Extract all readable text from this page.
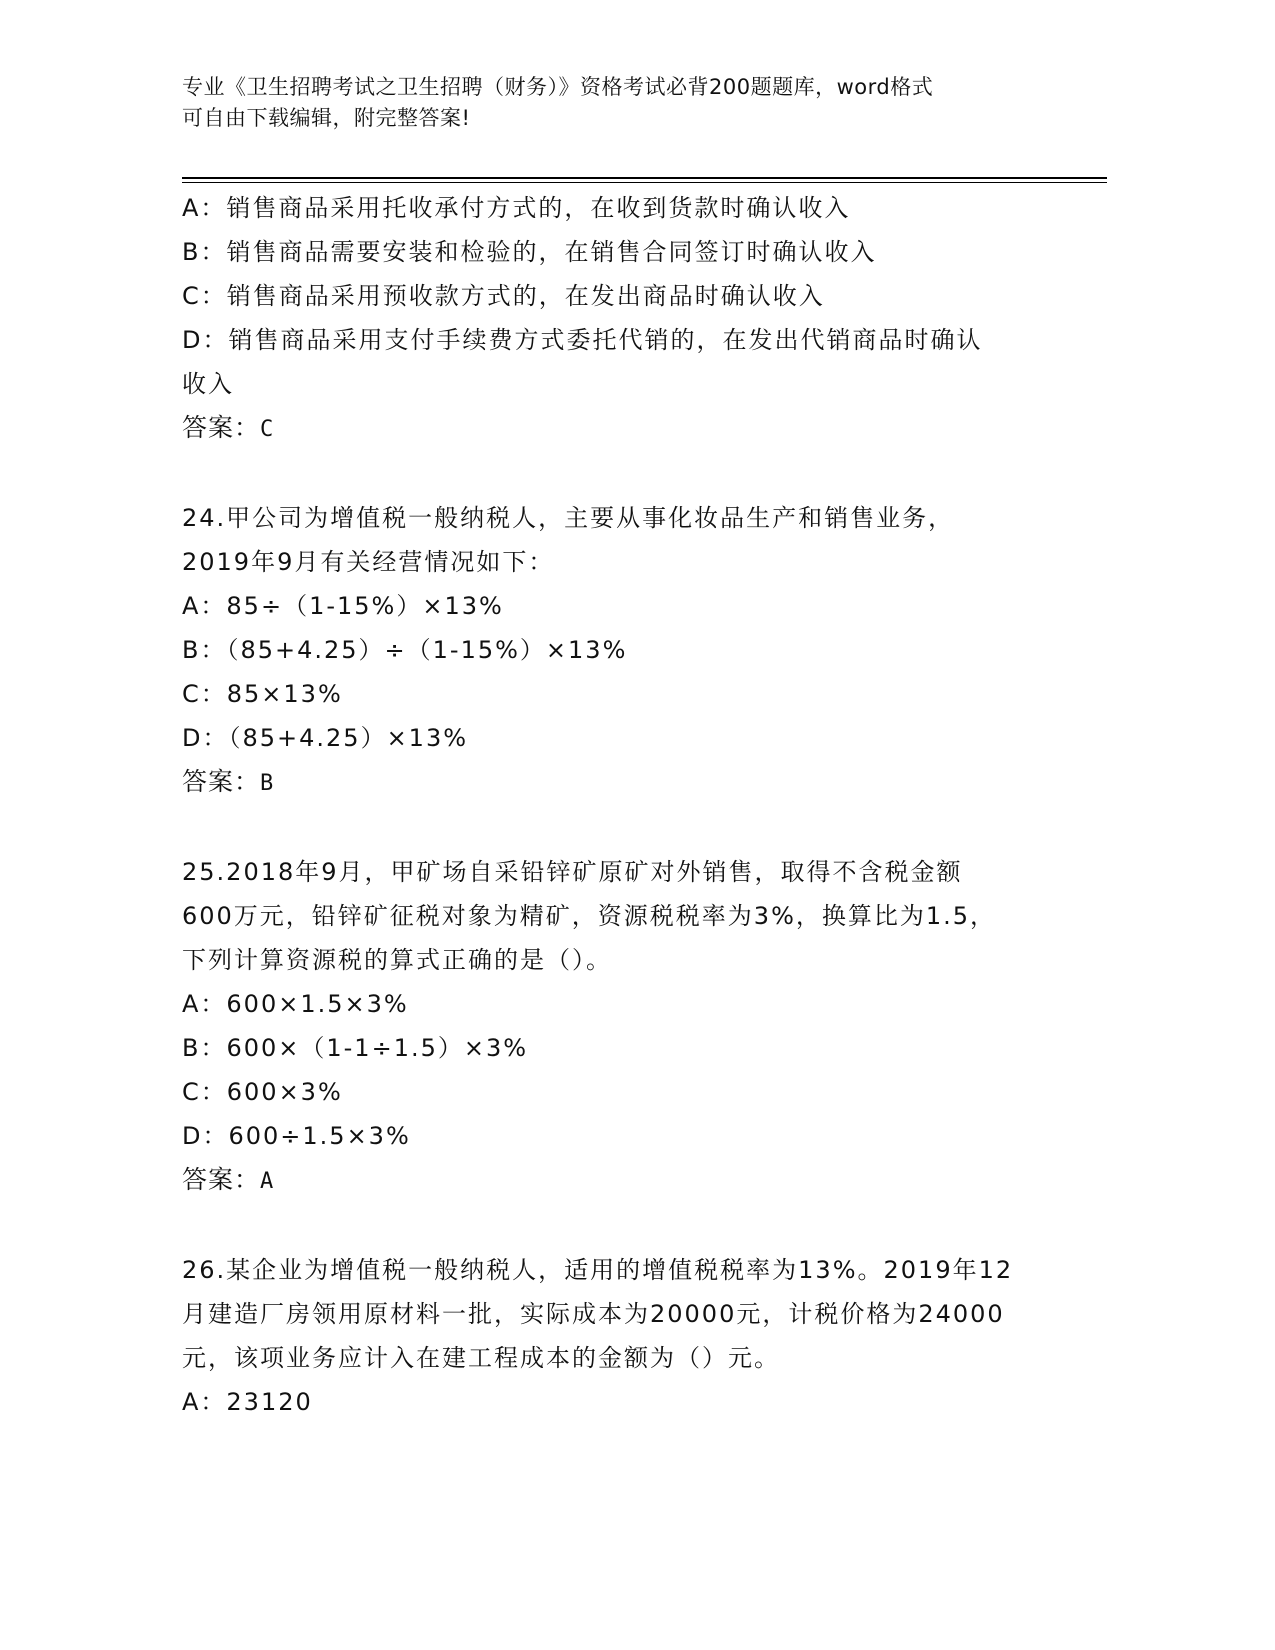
专业《卫生招聘考试之卫生招聘（财务）》资格考试必背200题题库，word格式
可自由下载编辑，附完整答案!

A：销售商品采用托收承付方式的，在收到货款时确认收入

B：销售商品需要安装和检验的，在销售合同签订时确认收入

C：销售商品采用预收款方式的，在发出商品时确认收入

D：销售商品采用支付手续费方式委托代销的，在发出代销商品时确认

收入

答案：C

24.甲公司为增值税一般纳税人，主要从事化妆品生产和销售业务，

2019年9月有关经营情况如下：

A：85÷（1-15%）×13%

B：（85+4.25）÷（1-15%）×13%

C：85×13%

D：（85+4.25）×13%

答案：B

25.2018年9月，甲矿场自采铅锌矿原矿对外销售，取得不含税金额

600万元，铅锌矿征税对象为精矿，资源税税率为3%，换算比为1.5，

下列计算资源税的算式正确的是（）。

A：600×1.5×3%

B：600×（1-1÷1.5）×3%

C：600×3%

D：600÷1.5×3%

答案：A

26.某企业为增值税一般纳税人，适用的增值税税率为13%。2019年12

月建造厂房领用原材料一批，实际成本为20000元，计税价格为24000

元，该项业务应计入在建工程成本的金额为（）元。

A：23120
